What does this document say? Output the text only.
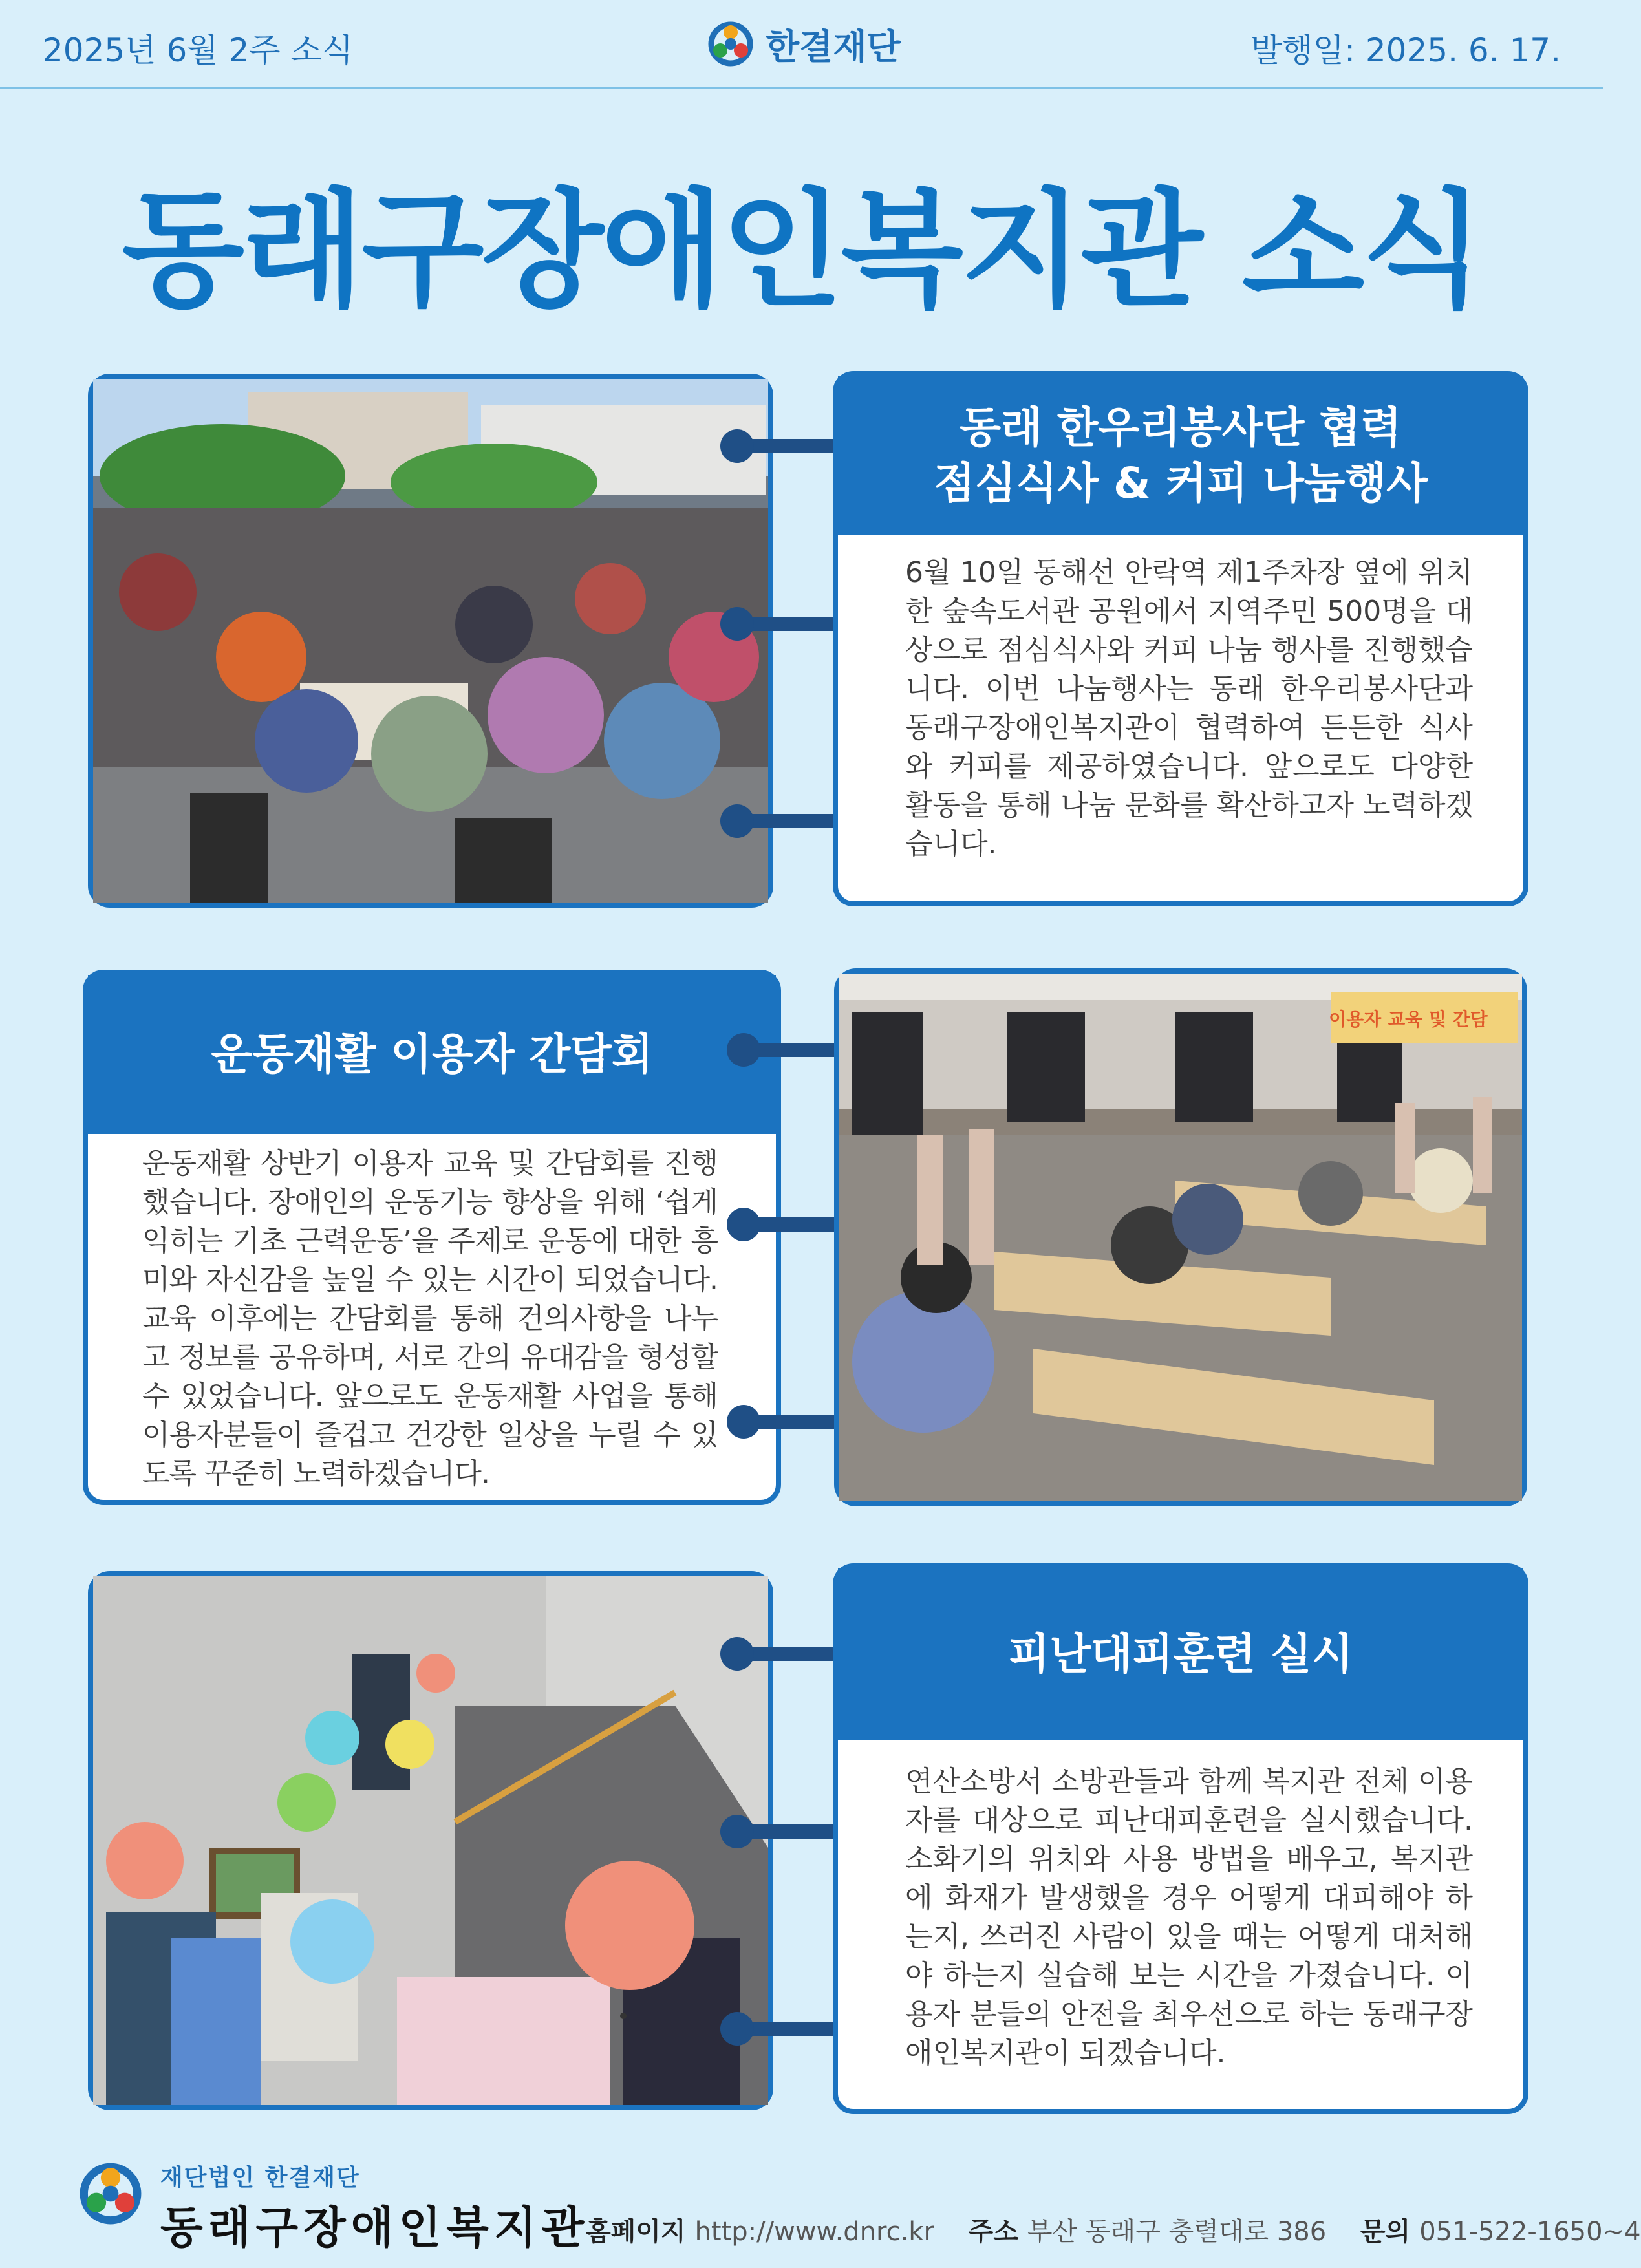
2025년 6월 2주 소식	한결재단	발행일: 2025. 6. 17.
동래구장애인복지관 소식
동래 한우리봉사단 협력
점심식사 & 커피 나눔행사
6월 10일 동해선 안락역 제1주차장 옆에 위치한 숲속도서관 공원에서 지역주민 500명을 대상으로 점심식사와 커피 나눔 행사를 진행했습니다. 이번 나눔행사는 동래 한우리봉사단과 동래구장애인복지관이 협력하여 든든한 식사와 커피를 제공하였습니다. 앞으로도 다양한 활동을 통해 나눔 문화를 확산하고자 노력하겠습니다.
운동재활 이용자 간담회
운동재활 상반기 이용자 교육 및 간담회를 진행했습니다. 장애인의 운동기능 향상을 위해 ‘쉽게 익히는 기초 근력운동’을 주제로 운동에 대한 흥미와 자신감을 높일 수 있는 시간이 되었습니다. 교육 이후에는 간담회를 통해 건의사항을 나누고 정보를 공유하며, 서로 간의 유대감을 형성할 수 있었습니다. 앞으로도 운동재활 사업을 통해 이용자분들이 즐겁고 건강한 일상을 누릴 수 있도록 꾸준히 노력하겠습니다.
이용자 교육 및 간담
피난대피훈련 실시
연산소방서 소방관들과 함께 복지관 전체 이용자를 대상으로 피난대피훈련을 실시했습니다. 소화기의 위치와 사용 방법을 배우고, 복지관에 화재가 발생했을 경우 어떻게 대피해야 하는지, 쓰러진 사람이 있을 때는 어떻게 대처해야 하는지 실습해 보는 시간을 가졌습니다. 이용자 분들의 안전을 최우선으로 하는 동래구장애인복지관이 되겠습니다.
재단법인 한결재단
동래구장애인복지관
홈페이지 http://www.dnrc.kr 주소 부산 동래구 충렬대로 386 문의 051-522-1650~4
